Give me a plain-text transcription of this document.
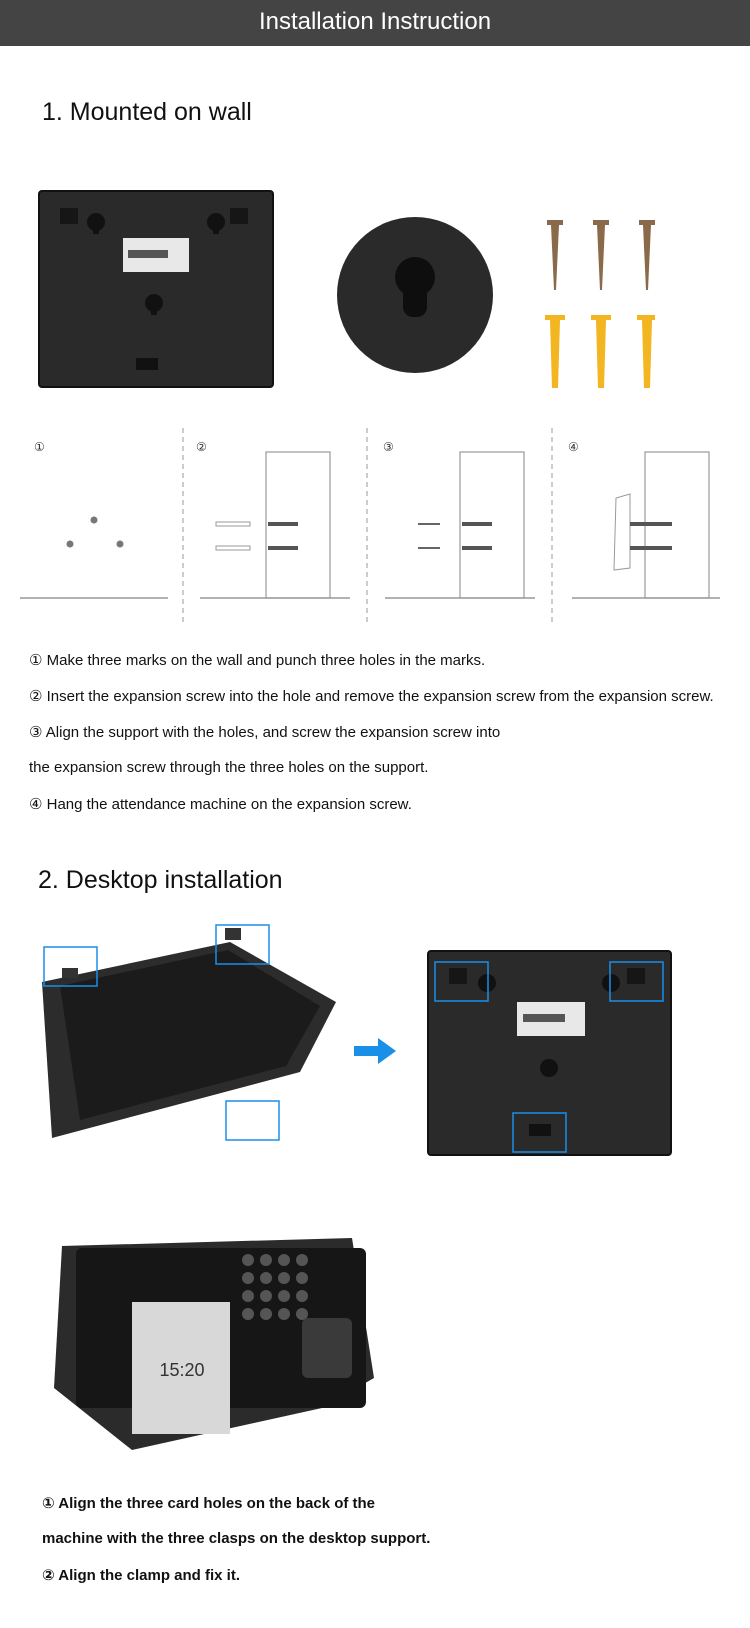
Installation Instruction
1. Mounted on wall
①	②	③	④
① Make three marks on the wall and punch three holes in the marks.
② Insert the expansion screw into the hole and remove the expansion screw from the expansion screw.
③ Align the support with the holes, and screw the expansion screw into
the expansion screw through the three holes on the support.
④ Hang the attendance machine on the expansion screw.
2. Desktop installation
15:20
① Align the three card holes on the back of the
machine with the three clasps on the desktop support.
② Align the clamp and fix it.
